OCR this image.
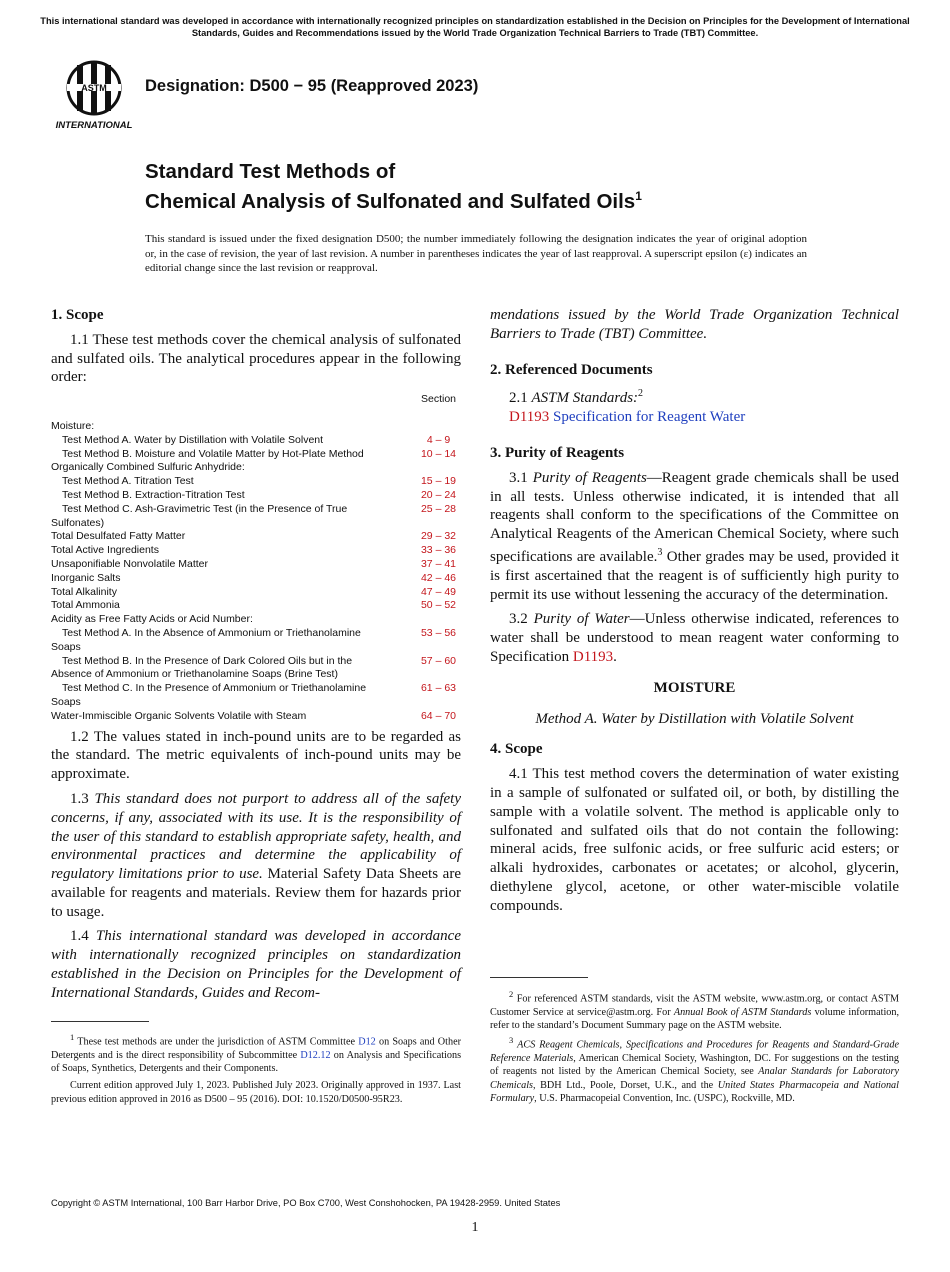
This international standard was developed in accordance with internationally recognized principles on standardization established in the Decision on Principles for the Development of International Standards, Guides and Recommendations issued by the World Trade Organization Technical Barriers to Trade (TBT) Committee.
ASTM
INTERNATIONAL
Designation: D500 − 95 (Reapproved 2023)
Standard Test Methods of
Chemical Analysis of Sulfonated and Sulfated Oils$^1$
This standard is issued under the fixed designation D500; the number immediately following the designation indicates the year of original adoption or, in the case of revision, the year of last revision. A number in parentheses indicates the year of last reapproval. A superscript epsilon (ε) indicates an editorial change since the last revision or reapproval.
1. Scope

1.1 These test methods cover the chemical analysis of sulfonated and sulfated oils. The analytical procedures appear in the following order:

Section
Moisture:
Test Method A. Water by Distillation with Volatile Solvent	4 – 9
Test Method B. Moisture and Volatile Matter by Hot-Plate Method	10 – 14
Organically Combined Sulfuric Anhydride:
Test Method A. Titration Test	15 – 19
Test Method B. Extraction-Titration Test	20 – 24
Test Method C. Ash-Gravimetric Test (in the Presence of True
Sulfonates)
25 – 28
Total Desulfated Fatty Matter	29 – 32
Total Active Ingredients	33 – 36
Unsaponifiable Nonvolatile Matter	37 – 41
Inorganic Salts	42 – 46
Total Alkalinity	47 – 49
Total Ammonia	50 – 52
Acidity as Free Fatty Acids or Acid Number:
Test Method A. In the Absence of Ammonium or Triethanolamine
Soaps
53 – 56
Test Method B. In the Presence of Dark Colored Oils but in the
Absence of Ammonium or Triethanolamine Soaps (Brine Test)
57 – 60
Test Method C. In the Presence of Ammonium or Triethanolamine
Soaps
61 – 63
Water-Immiscible Organic Solvents Volatile with Steam	64 – 70

1.2 The values stated in inch-pound units are to be regarded as the standard. The metric equivalents of inch-pound units may be approximate.

1.3 This standard does not purport to address all of the safety concerns, if any, associated with its use. It is the responsibility of the user of this standard to establish appropriate safety, health, and environmental practices and determine the applicability of regulatory limitations prior to use. Material Safety Data Sheets are available for reagents and materials. Review them for hazards prior to usage.

1.4 This international standard was developed in accordance with internationally recognized principles on standardization established in the Decision on Principles for the Development of International Standards, Guides and Recom-

$^1$ These test methods are under the jurisdiction of ASTM Committee D12 on Soaps and Other Detergents and is the direct responsibility of Subcommittee D12.12 on Analysis and Specifications of Soaps, Synthetics, Detergents and their Components.

Current edition approved July 1, 2023. Published July 2023. Originally approved in 1937. Last previous edition approved in 2016 as D500 – 95 (2016). DOI: 10.1520/D0500-95R23.

mendations issued by the World Trade Organization Technical Barriers to Trade (TBT) Committee.

2. Referenced Documents

2.1 ASTM Standards:$^2$

D1193 Specification for Reagent Water

3. Purity of Reagents

3.1 Purity of Reagents—Reagent grade chemicals shall be used in all tests. Unless otherwise indicated, it is intended that all reagents shall conform to the specifications of the Committee on Analytical Reagents of the American Chemical Society, where such specifications are available.$^3$ Other grades may be used, provided it is first ascertained that the reagent is of sufficiently high purity to permit its use without lessening the accuracy of the determination.

3.2 Purity of Water—Unless otherwise indicated, references to water shall be understood to mean reagent water conforming to Specification D1193.

MOISTURE
Method A. Water by Distillation with Volatile Solvent
4. Scope

4.1 This test method covers the determination of water existing in a sample of sulfonated or sulfated oil, or both, by distilling the sample with a volatile solvent. The method is applicable only to sulfonated and sulfated oils that do not contain the following: mineral acids, free sulfonic acids, or free sulfuric acid esters; or alkali hydroxides, carbonates or acetates; or alcohol, glycerin, diethylene glycol, acetone, or other water-miscible volatile compounds.

$^2$ For referenced ASTM standards, visit the ASTM website, www.astm.org, or contact ASTM Customer Service at service@astm.org. For Annual Book of ASTM Standards volume information, refer to the standard’s Document Summary page on the ASTM website.

$^3$ ACS Reagent Chemicals, Specifications and Procedures for Reagents and Standard-Grade Reference Materials, American Chemical Society, Washington, DC. For suggestions on the testing of reagents not listed by the American Chemical Society, see Analar Standards for Laboratory Chemicals, BDH Ltd., Poole, Dorset, U.K., and the United States Pharmacopeia and National Formulary, U.S. Pharmacopeial Convention, Inc. (USPC), Rockville, MD.

Copyright © ASTM International, 100 Barr Harbor Drive, PO Box C700, West Conshohocken, PA 19428-2959. United States
1
